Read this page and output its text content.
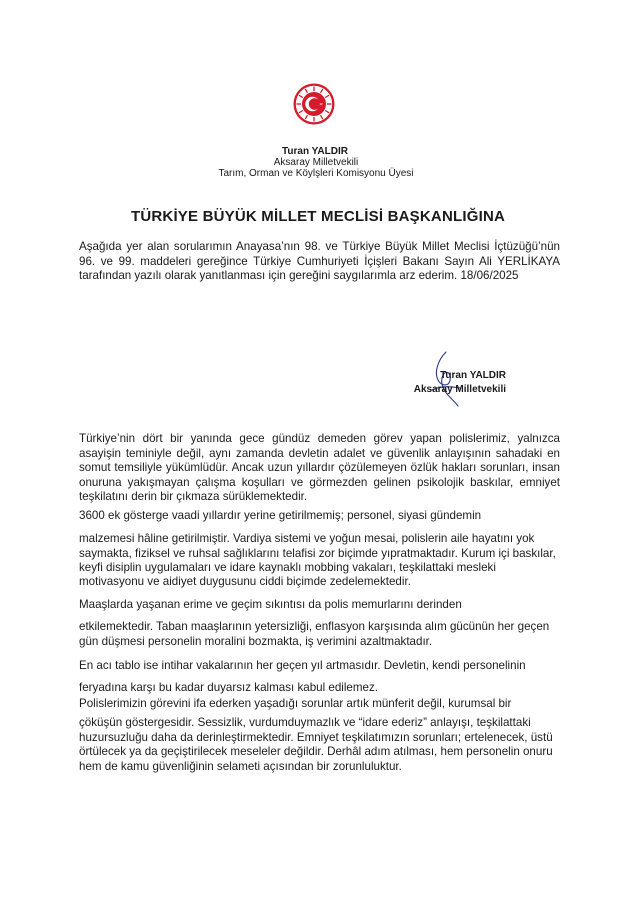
Turan YALDIR
Aksaray Milletvekili
Tarım, Orman ve Köylşleri Komisyonu Üyesi
TÜRKİYE BÜYÜK MİLLET MECLİSİ BAŞKANLIĞINA

Aşağıda yer alan sorularımın Anayasa’nın 98. ve Türkiye Büyük Millet Meclisi İçtüzüğü’nün 96. ve 99. maddeleri gereğince Türkiye Cumhuriyeti İçişleri Bakanı Sayın Ali YERLİKAYA tarafından yazılı olarak yanıtlanması için gereğini saygılarımla arz ederim. 18/06/2025

Turan YALDIR
Aksaray Milletvekili

Türkiye’nin dört bir yanında gece gündüz demeden görev yapan polislerimiz, yalnızca asayişin teminiyle değil, aynı zamanda devletin adalet ve güvenlik anlayışının sahadaki en somut temsiliyle yükümlüdür. Ancak uzun yıllardır çözülemeyen özlük hakları sorunları, insan onuruna yakışmayan çalışma koşulları ve görmezden gelinen psikolojik baskılar, emniyet teşkilatını derin bir çıkmaza sürüklemektedir.

3600 ek gösterge vaadi yıllardır yerine getirilmemiş; personel, siyasi gündemin
malzemesi hâline getirilmiştir. Vardiya sistemi ve yoğun mesai, polislerin aile hayatını yok saymakta, fiziksel ve ruhsal sağlıklarını telafisi zor biçimde yıpratmaktadır. Kurum içi baskılar, keyfi disiplin uygulamaları ve idare kaynaklı mobbing vakaları, teşkilattaki mesleki motivasyonu ve aidiyet duygusunu ciddi biçimde zedelemektedir.

Maaşlarda yaşanan erime ve geçim sıkıntısı da polis memurlarını derinden
etkilemektedir. Taban maaşlarının yetersizliği, enflasyon karşısında alım gücünün her geçen gün düşmesi personelin moralini bozmakta, iş verimini azaltmaktadır.

En acı tablo ise intihar vakalarının her geçen yıl artmasıdır. Devletin, kendi personelinin
feryadına karşı bu kadar duyarsız kalması kabul edilemez.

Polislerimizin görevini ifa ederken yaşadığı sorunlar artık münferit değil, kurumsal bir
çöküşün göstergesidir. Sessizlik, vurdumduymazlık ve “idare ederiz” anlayışı, teşkilattaki huzursuzluğu daha da derinleştirmektedir. Emniyet teşkilatımızın sorunları; ertelenecek, üstü örtülecek ya da geçiştirilecek meseleler değildir. Derhâl adım atılması, hem personelin onuru hem de kamu güvenliğinin selameti açısından bir zorunluluktur.
